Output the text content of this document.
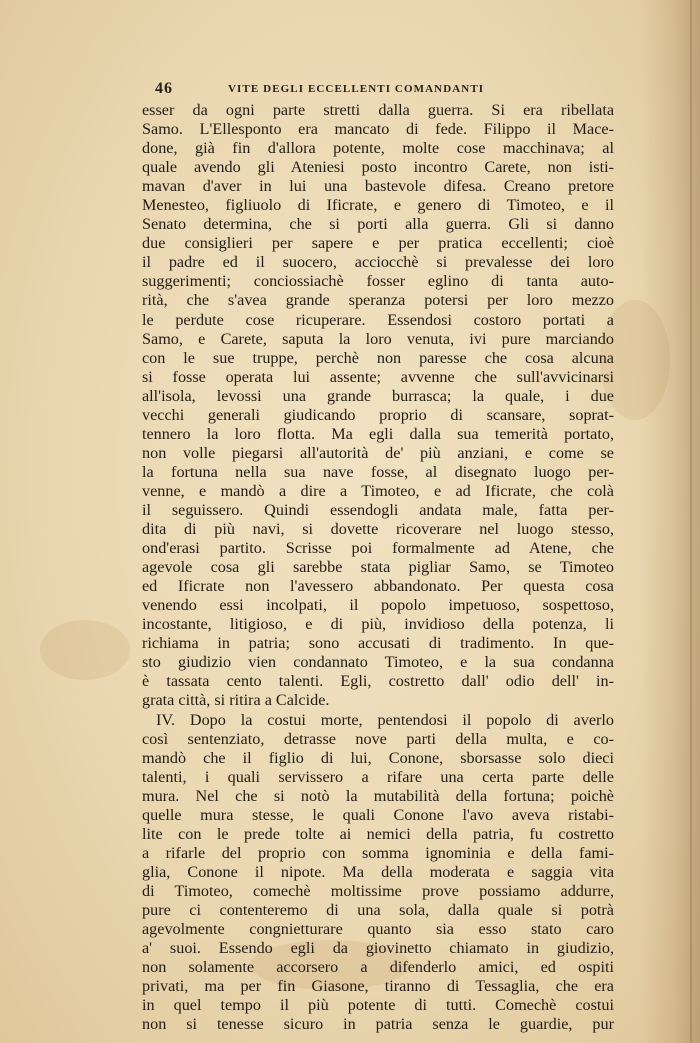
46	VITE DEGLI ECCELLENTI COMANDANTI
esser da ogni parte stretti dalla guerra. Si era ribellata
Samo. L'Ellesponto era mancato di fede. Filippo il Mace-
done, già fin d'allora potente, molte cose macchinava; al
quale avendo gli Ateniesi posto incontro Carete, non isti-
mavan d'aver in lui una bastevole difesa. Creano pretore
Menesteo, figliuolo di Ificrate, e genero di Timoteo, e il
Senato determina, che si porti alla guerra. Gli si danno
due consiglieri per sapere e per pratica eccellenti; cioè
il padre ed il suocero, acciocchè si prevalesse dei loro
suggerimenti; conciossiachè fosser eglino di tanta auto-
rità, che s'avea grande speranza potersi per loro mezzo
le perdute cose ricuperare. Essendosi costoro portati a
Samo, e Carete, saputa la loro venuta, ivi pure marciando
con le sue truppe, perchè non paresse che cosa alcuna
si fosse operata lui assente; avvenne che sull'avvicinarsi
all'isola, levossi una grande burrasca; la quale, i due
vecchi generali giudicando proprio di scansare, soprat-
tennero la loro flotta. Ma egli dalla sua temerità portato,
non volle piegarsi all'autorità de' più anziani, e come se
la fortuna nella sua nave fosse, al disegnato luogo per-
venne, e mandò a dire a Timoteo, e ad Ificrate, che colà
il seguissero. Quindi essendogli andata male, fatta per-
dita di più navi, si dovette ricoverare nel luogo stesso,
ond'erasi partito. Scrisse poi formalmente ad Atene, che
agevole cosa gli sarebbe stata pigliar Samo, se Timoteo
ed Ificrate non l'avessero abbandonato. Per questa cosa
venendo essi incolpati, il popolo impetuoso, sospettoso,
incostante, litigioso, e di più, invidioso della potenza, li
richiama in patria; sono accusati di tradimento. In que-
sto giudizio vien condannato Timoteo, e la sua condanna
è tassata cento talenti. Egli, costretto dall' odio dell' in-
grata città, si ritira a Calcide.
IV. Dopo la costui morte, pentendosi il popolo di averlo
così sentenziato, detrasse nove parti della multa, e co-
mandò che il figlio di lui, Conone, sborsasse solo dieci
talenti, i quali servissero a rifare una certa parte delle
mura. Nel che si notò la mutabilità della fortuna; poichè
quelle mura stesse, le quali Conone l'avo aveva ristabi-
lite con le prede tolte ai nemici della patria, fu costretto
a rifarle del proprio con somma ignominia e della fami-
glia, Conone il nipote. Ma della moderata e saggia vita
di Timoteo, comechè moltissime prove possiamo addurre,
pure ci contenteremo di una sola, dalla quale si potrà
agevolmente congnietturare quanto sia esso stato caro
a' suoi. Essendo egli da giovinetto chiamato in giudizio,
non solamente accorsero a difenderlo amici, ed ospiti
privati, ma per fin Giasone, tiranno di Tessaglia, che era
in quel tempo il più potente di tutti. Comechè costui
non si tenesse sicuro in patria senza le guardie, pur
